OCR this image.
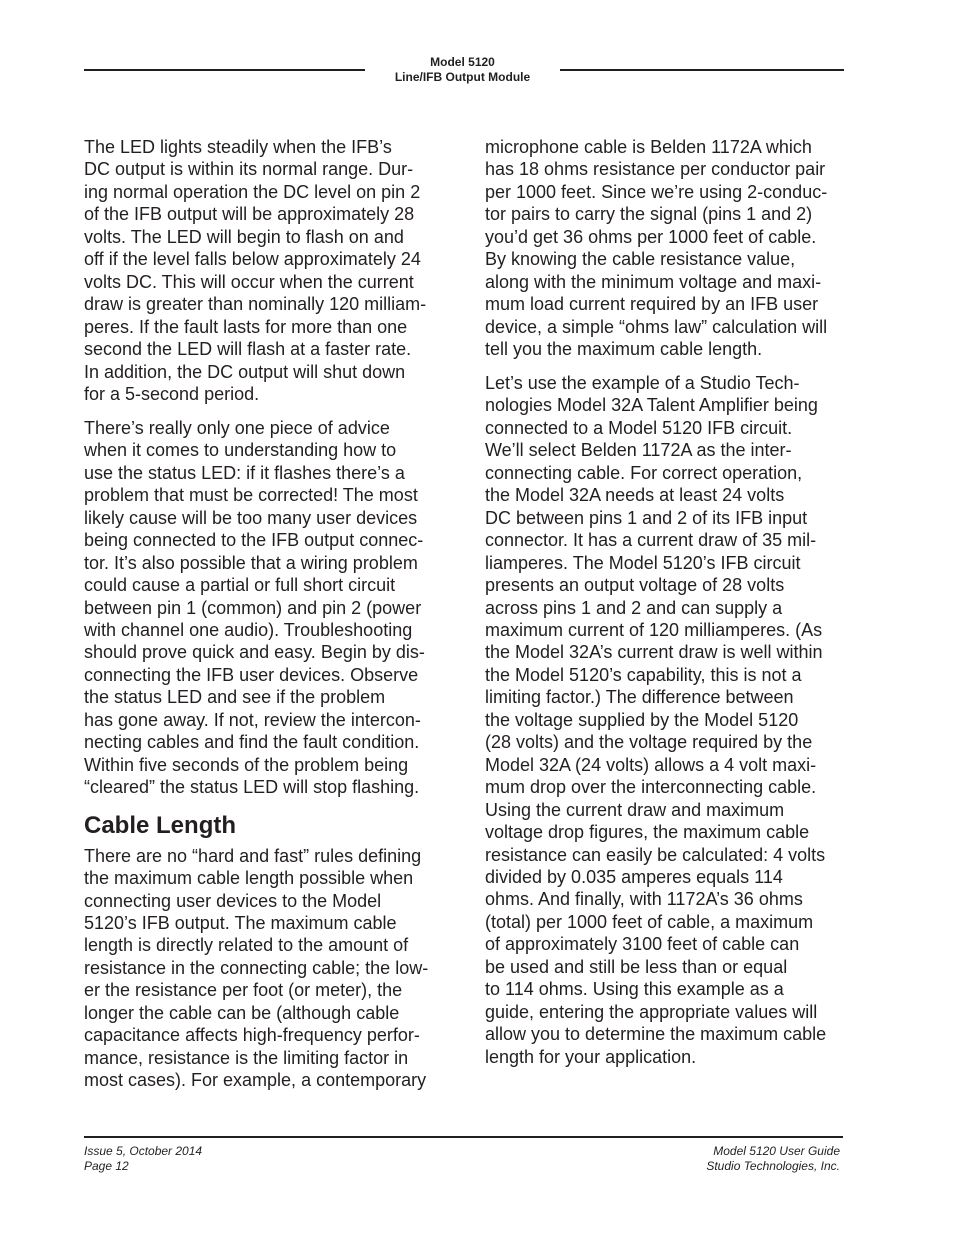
Model 5120
Line/IFB Output Module
The LED lights steadily when the IFB’s
DC output is within its normal range. Dur-
ing normal operation the DC level on pin 2
of the IFB output will be approximately 28
volts. The LED will begin to flash on and
off if the level falls below approximately 24
volts DC. This will occur when the current
draw is greater than nominally 120 milliam-
peres. If the fault lasts for more than one
second the LED will flash at a faster rate.
In addition, the DC output will shut down
for a 5-second period.
There’s really only one piece of advice
when it comes to understanding how to
use the status LED: if it flashes there’s a
problem that must be corrected! The most
likely cause will be too many user devices
being connected to the IFB output connec-
tor. It’s also possible that a wiring problem
could cause a partial or full short circuit
between pin 1 (common) and pin 2 (power
with channel one audio). Troubleshooting
should prove quick and easy. Begin by dis-
connecting the IFB user devices. Observe
the status LED and see if the problem
has gone away. If not, review the intercon-
necting cables and find the fault condition.
Within five seconds of the problem being
“cleared” the status LED will stop flashing.
Cable Length
There are no “hard and fast” rules defining
the maximum cable length possible when
connecting user devices to the Model
5120’s IFB output. The maximum cable
length is directly related to the amount of
resistance in the connecting cable; the low-
er the resistance per foot (or meter), the
longer the cable can be (although cable
capacitance affects high-frequency perfor-
mance, resistance is the limiting factor in
most cases). For example, a contemporary
microphone cable is Belden 1172A which
has 18 ohms resistance per conductor pair
per 1000 feet. Since we’re using 2-conduc-
tor pairs to carry the signal (pins 1 and 2)
you’d get 36 ohms per 1000 feet of cable.
By knowing the cable resistance value,
along with the minimum voltage and maxi-
mum load current required by an IFB user
device, a simple “ohms law” calculation will
tell you the maximum cable length.
Let’s use the example of a Studio Tech-
nologies Model 32A Talent Amplifier being
connected to a Model 5120 IFB circuit.
We’ll select Belden 1172A as the inter-
connecting cable. For correct operation,
the Model 32A needs at least 24 volts
DC between pins 1 and 2 of its IFB input
connector. It has a current draw of 35 mil-
liamperes. The Model 5120’s IFB circuit
presents an output voltage of 28 volts
across pins 1 and 2 and can supply a
maximum current of 120 milliamperes. (As
the Model 32A’s current draw is well within
the Model 5120’s capability, this is not a
limiting factor.) The difference between
the voltage supplied by the Model 5120
(28 volts) and the voltage required by the
Model 32A (24 volts) allows a 4 volt maxi-
mum drop over the interconnecting cable.
Using the current draw and maximum
voltage drop figures, the maximum cable
resistance can easily be calculated: 4 volts
divided by 0.035 amperes equals 114
ohms. And finally, with 1172A’s 36 ohms
(total) per 1000 feet of cable, a maximum
of approximately 3100 feet of cable can
be used and still be less than or equal
to 114 ohms. Using this example as a
guide, entering the appropriate values will
allow you to determine the maximum cable
length for your application.
Issue 5, October 2014
Page 12
Model 5120 User Guide
Studio Technologies, Inc.
